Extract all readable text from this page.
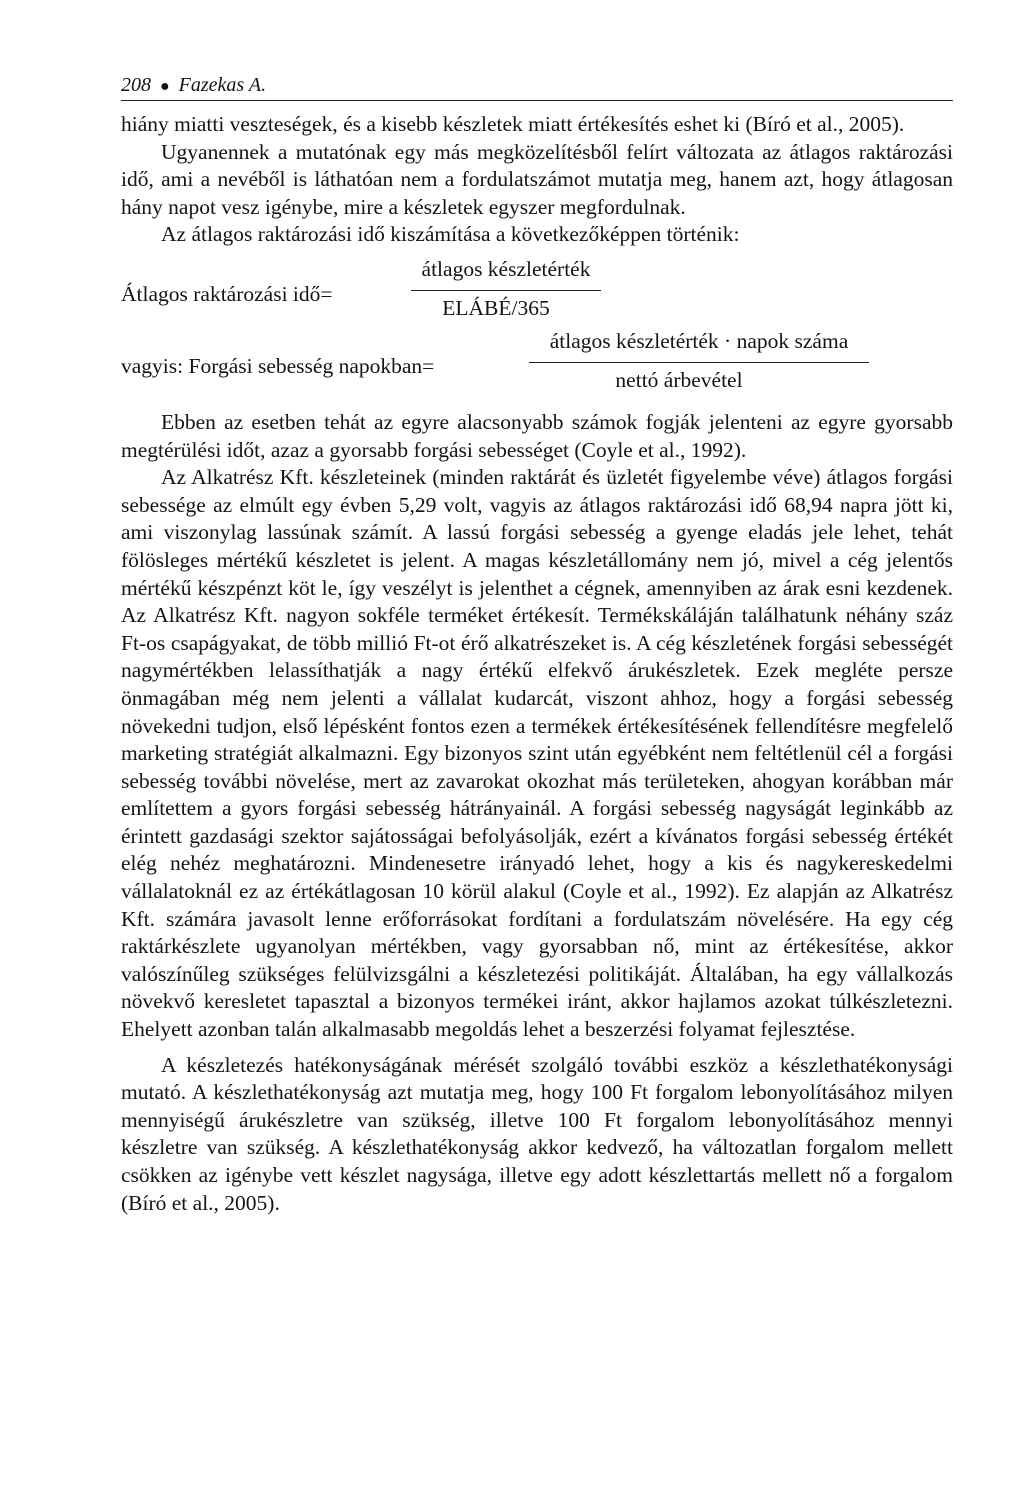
208 ● Fazekas A.

hiány miatti veszteségek, és a kisebb készletek miatt értékesítés eshet ki (Bíró et al., 2005).

Ugyanennek a mutatónak egy más megközelítésből felírt változata az átlagos raktározási idő, ami a nevéből is láthatóan nem a fordulatszámot mutatja meg, hanem azt, hogy átlagosan hány napot vesz igénybe, mire a készletek egyszer megfordulnak.

Az átlagos raktározási idő kiszámítása a következőképpen történik:

Átlagos raktározási idő=
átlagos készletérték
ELÁBÉ/365
vagyis: Forgási sebesség napokban=
átlagos készletérték · napok száma
nettó árbevétel

Ebben az esetben tehát az egyre alacsonyabb számok fogják jelenteni az egyre gyorsabb megtérülési időt, azaz a gyorsabb forgási sebességet (Coyle et al., 1992).

Az Alkatrész Kft. készleteinek (minden raktárát és üzletét figyelembe véve) átlagos forgási sebessége az elmúlt egy évben 5,29 volt, vagyis az átlagos raktározási idő 68,94 napra jött ki, ami viszonylag lassúnak számít. A lassú forgási sebesség a gyenge eladás jele lehet, tehát fölösleges mértékű készletet is jelent. A magas készletállomány nem jó, mivel a cég jelentős mértékű készpénzt köt le, így veszélyt is jelenthet a cégnek, amennyiben az árak esni kezdenek. Az Alkatrész Kft. nagyon sokféle terméket értékesít. Termékskáláján találhatunk néhány száz Ft-os csapágyakat, de több millió Ft-ot érő alkatrészeket is. A cég készletének forgási sebességét nagymértékben lelassíthatják a nagy értékű elfekvő árukészletek. Ezek megléte persze önmagában még nem jelenti a vállalat kudarcát, viszont ahhoz, hogy a forgási sebesség növekedni tudjon, első lépésként fontos ezen a termékek értékesítésének fellendítésre megfelelő marketing stratégiát alkalmazni. Egy bizonyos szint után egyébként nem feltétlenül cél a forgási sebesség további növelése, mert az zavarokat okozhat más területeken, ahogyan korábban már említettem a gyors forgási sebesség hátrányainál. A forgási sebesség nagyságát leginkább az érintett gazdasági szektor sajátosságai befolyásolják, ezért a kívánatos forgási sebesség értékét elég nehéz meghatározni. Mindenesetre irányadó lehet, hogy a kis és nagykereskedelmi vállalatoknál ez az értékátlagosan 10 körül alakul (Coyle et al., 1992). Ez alapján az Alkatrész Kft. számára javasolt lenne erőforrásokat fordítani a fordulatszám növelésére. Ha egy cég raktárkészlete ugyanolyan mértékben, vagy gyorsabban nő, mint az értékesítése, akkor valószínűleg szükséges felülvizsgálni a készletezési politikáját. Általában, ha egy vállalkozás növekvő keresletet tapasztal a bizonyos termékei iránt, akkor hajlamos azokat túlkészletezni. Ehelyett azonban talán alkalmasabb megoldás lehet a beszerzési folyamat fejlesztése.

A készletezés hatékonyságának mérését szolgáló további eszköz a készlethatékonysági mutató. A készlethatékonyság azt mutatja meg, hogy 100 Ft forgalom lebonyolításához milyen mennyiségű árukészletre van szükség, illetve 100 Ft forgalom lebonyolításához mennyi készletre van szükség. A készlethatékonyság akkor kedvező, ha változatlan forgalom mellett csökken az igénybe vett készlet nagysága, illetve egy adott készlettartás mellett nő a forgalom (Bíró et al., 2005).
